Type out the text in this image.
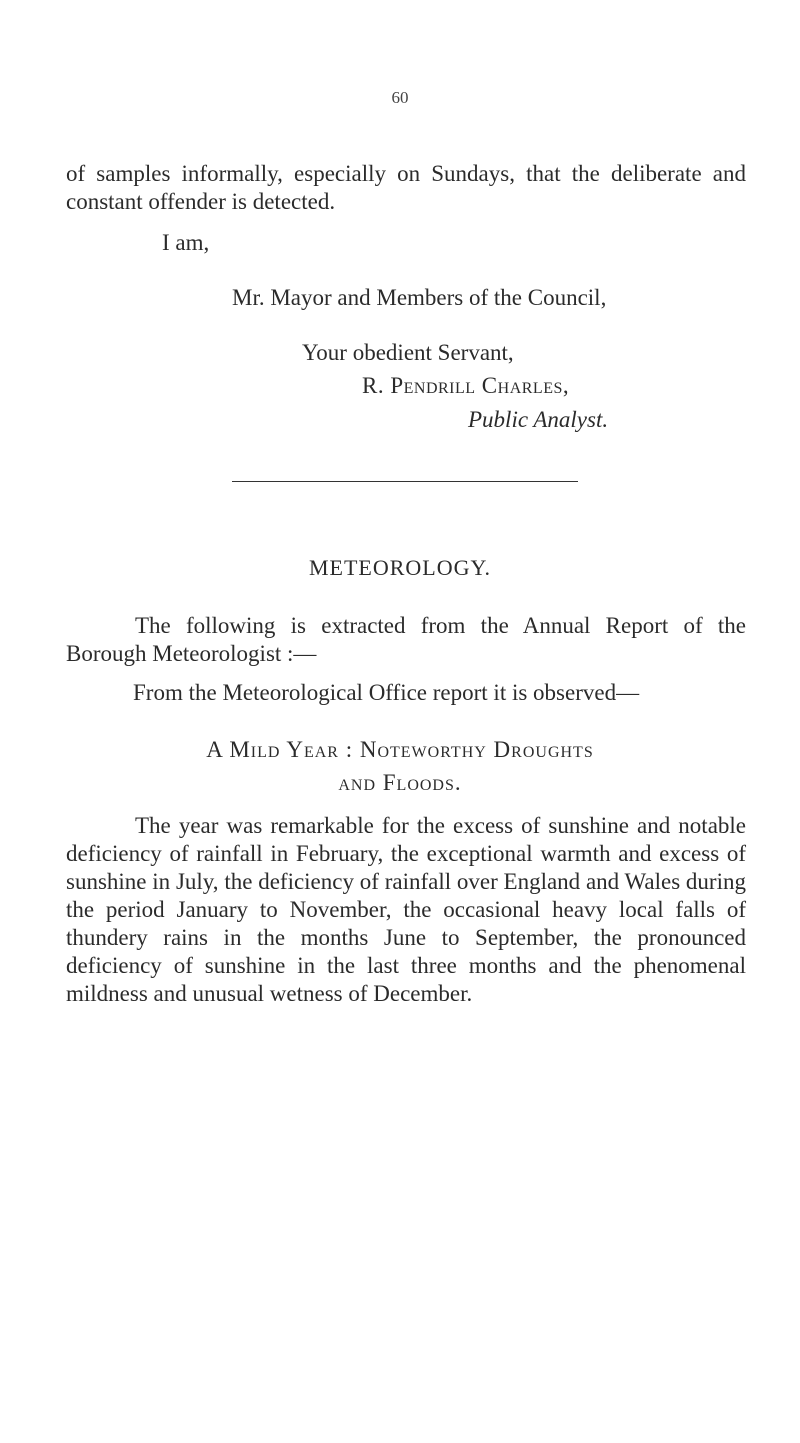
60

of samples informally, especially on Sundays, that the deliberate and constant offender is detected.

I am,
Mr. Mayor and Members of the Council,
Your obedient Servant,
R. Pendrill Charles,
Public Analyst.
METEOROLOGY.

The following is extracted from the Annual Report of the Borough Meteorologist :—

From the Meteorological Office report it is observed—
A Mild Year : Noteworthy Droughts
and Floods.

The year was remarkable for the excess of sunshine and notable deficiency of rainfall in February, the exceptional warmth and excess of sunshine in July, the deficiency of rainfall over England and Wales during the period January to November, the occasional heavy local falls of thundery rains in the months June to September, the pronounced deficiency of sunshine in the last three months and the phenomenal mildness and unusual wetness of December.
